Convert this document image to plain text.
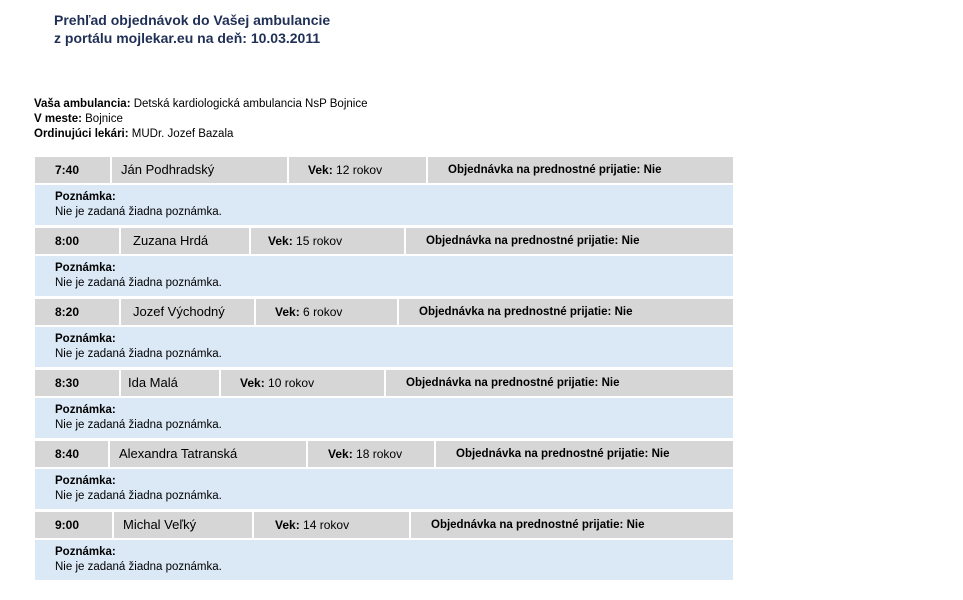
Prehľad objednávok do Vašej ambulancie
z portálu mojlekar.eu na deň: 10.03.2011
Vaša ambulancia: Detská kardiologická ambulancia NsP Bojnice
V meste: Bojnice
Ordinujúci lekári: MUDr. Jozef Bazala
7:40	Ján Podhradský	Vek: 12 rokov	Objednávka na prednostné prijatie: Nie
Poznámka:
Nie je zadaná žiadna poznámka.
8:00	Zuzana Hrdá	Vek: 15 rokov	Objednávka na prednostné prijatie: Nie
Poznámka:
Nie je zadaná žiadna poznámka.
8:20	Jozef Východný	Vek: 6 rokov	Objednávka na prednostné prijatie: Nie
Poznámka:
Nie je zadaná žiadna poznámka.
8:30	Ida Malá	Vek: 10 rokov	Objednávka na prednostné prijatie: Nie
Poznámka:
Nie je zadaná žiadna poznámka.
8:40	Alexandra Tatranská	Vek: 18 rokov	Objednávka na prednostné prijatie: Nie
Poznámka:
Nie je zadaná žiadna poznámka.
9:00	Michal Veľký	Vek: 14 rokov	Objednávka na prednostné prijatie: Nie
Poznámka:
Nie je zadaná žiadna poznámka.
